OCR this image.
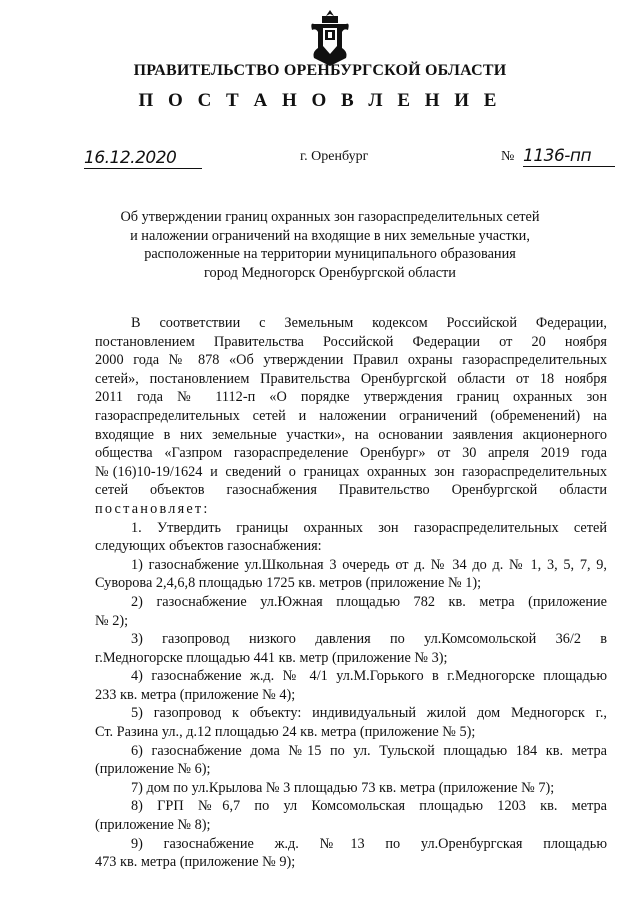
ПРАВИТЕЛЬСТВО ОРЕНБУРГСКОЙ ОБЛАСТИ
П О С Т А Н О В Л Е Н И Е
16.12.2020	г. Оренбург	№ 1136-пп
Об утверждении границ охранных зон газораспределительных сетей
и наложении ограничений на входящие в них земельные участки,
расположенные на территории муниципального образования
город Медногорск Оренбургской области
В соответствии с Земельным кодексом Российской Федерации,
постановлением Правительства Российской Федерации от 20 ноября
2000 года № 878 «Об утверждении Правил охраны газораспределительных
сетей», постановлением Правительства Оренбургской области от 18 ноября
2011 года № 1112-п «О порядке утверждения границ охранных зон
газораспределительных сетей и наложении ограничений (обременений) на
входящие в них земельные участки», на основании заявления акционерного
общества «Газпром газораспределение Оренбург» от 30 апреля 2019 года
№(16)10-19/1624 и сведений о границах охранных зон газораспределительных
сетей объектов газоснабжения Правительство Оренбургской области
постановляет:
1. Утвердить границы охранных зон газораспределительных сетей
следующих объектов газоснабжения:
1) газоснабжение ул.Школьная 3 очередь от д. № 34 до д. № 1, 3, 5, 7, 9,
Суворова 2,4,6,8 площадью 1725 кв. метров (приложение № 1);
2) газоснабжение ул.Южная площадью 782 кв. метра (приложение
№ 2);
3) газопровод низкого давления по ул.Комсомольской 36/2 в
г.Медногорске площадью 441 кв. метр (приложение № 3);
4) газоснабжение ж.д. № 4/1 ул.М.Горького в г.Медногорске площадью
233 кв. метра (приложение № 4);
5) газопровод к объекту: индивидуальный жилой дом Медногорск г.,
Ст. Разина ул., д.12 площадью 24 кв. метра (приложение № 5);
6) газоснабжение дома №15 по ул. Тульской площадью 184 кв. метра
(приложение № 6);
7) дом по ул.Крылова № 3 площадью 73 кв. метра (приложение № 7);
8) ГРП №6,7 по ул Комсомольская площадью 1203 кв. метра
(приложение № 8);
9) газоснабжение ж.д. №13 по ул.Оренбургская площадью
473 кв. метра (приложение № 9);
